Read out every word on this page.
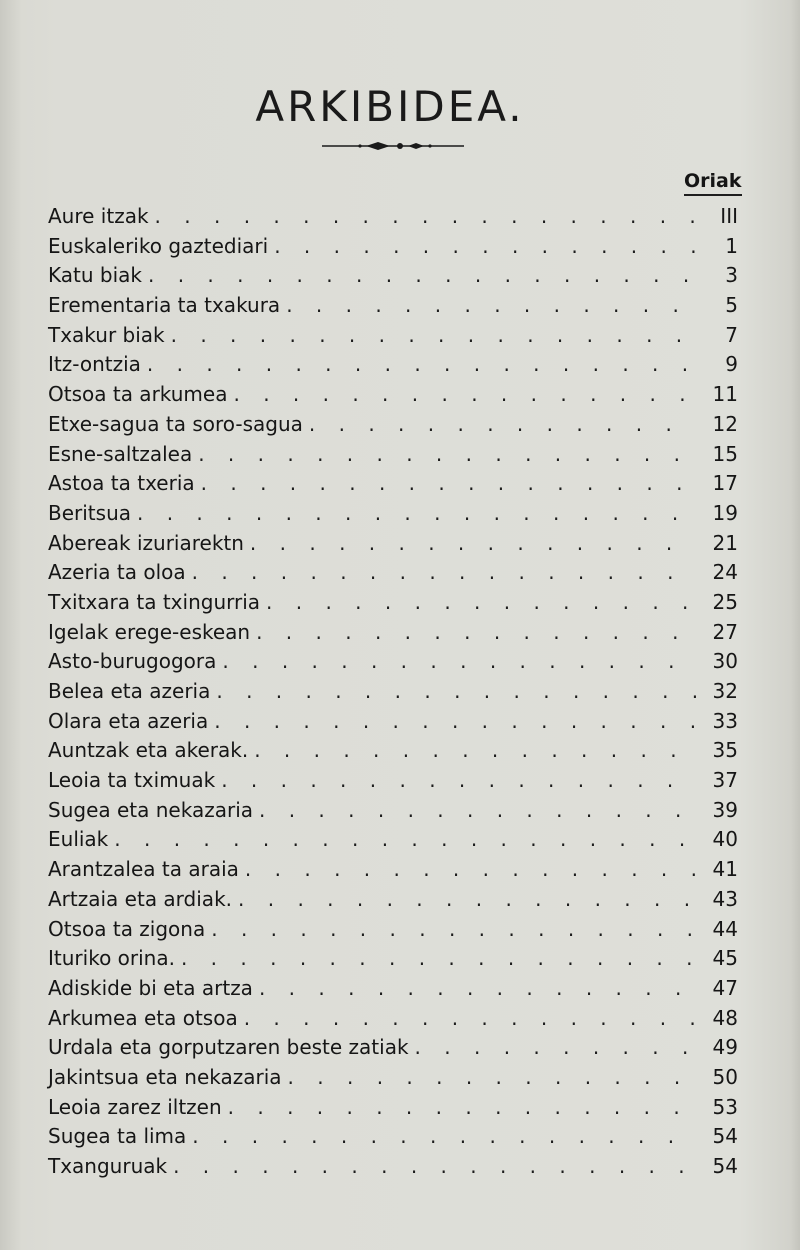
ARKIBIDEA.
Oriak
Aure itzak . . .	III
Euskaleriko gaztediari . . .	1
Katu biak . . .	3
Erementaria ta txakura . . .	5
Txakur biak . . .	7
Itz-ontzia . . .	9
Otsoa ta arkumea . . .	11
Etxe-sagua ta soro-sagua . . .	12
Esne-saltzalea . . .	15
Astoa ta txeria . . .	17
Beritsua . . .	19
Abereak izuriarektn . . .	21
Azeria ta oloa . . .	24
Txitxara ta txingurria . . .	25
Igelak erege-eskean . . .	27
Asto-burugogora . . .	30
Belea eta azeria . . .	32
Olara eta azeria . . .	33
Auntzak eta akerak. . . .	35
Leoia ta tximuak . . .	37
Sugea eta nekazaria . . .	39
Euliak . . .	40
Arantzalea ta araia . . .	41
Artzaia eta ardiak. . . .	43
Otsoa ta zigona . . .	44
Ituriko orina. . . .	45
Adiskide bi eta artza . . .	47
Arkumea eta otsoa . . .	48
Urdala eta gorputzaren beste zatiak . . .	49
Jakintsua eta nekazaria . . .	50
Leoia zarez iltzen . . .	53
Sugea ta lima . . .	54
Txanguruak . . .	54
